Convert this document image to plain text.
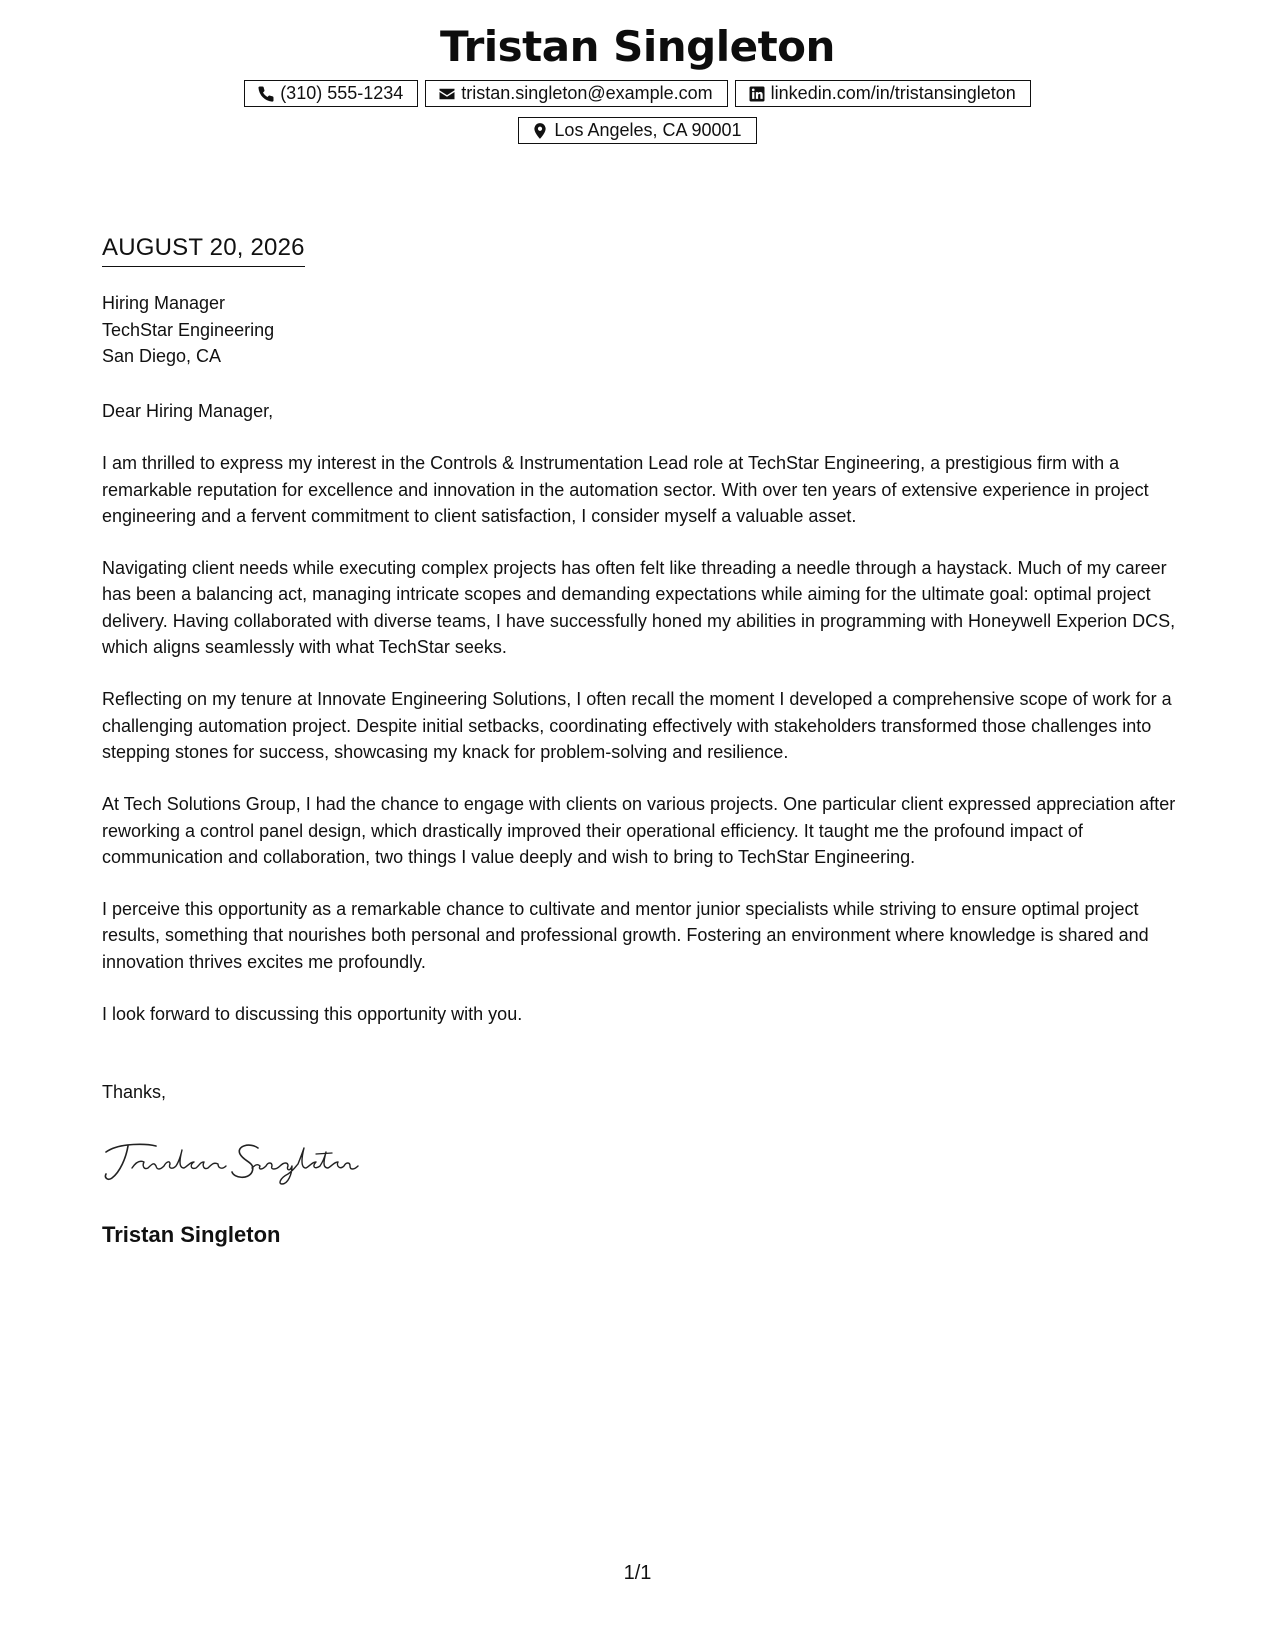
Tristan Singleton
(310) 555-1234	tristan.singleton@example.com	linkedin.com/in/tristansingleton
Los Angeles, CA 90001
AUGUST 20, 2026
Hiring Manager
TechStar Engineering
San Diego, CA

Dear Hiring Manager,

I am thrilled to express my interest in the Controls & Instrumentation Lead role at TechStar Engineering, a prestigious firm with a remarkable reputation for excellence and innovation in the automation sector. With over ten years of extensive experience in project engineering and a fervent commitment to client satisfaction, I consider myself a valuable asset.

Navigating client needs while executing complex projects has often felt like threading a needle through a haystack. Much of my career has been a balancing act, managing intricate scopes and demanding expectations while aiming for the ultimate goal: optimal project delivery. Having collaborated with diverse teams, I have successfully honed my abilities in programming with Honeywell Experion DCS, which aligns seamlessly with what TechStar seeks.

Reflecting on my tenure at Innovate Engineering Solutions, I often recall the moment I developed a comprehensive scope of work for a challenging automation project. Despite initial setbacks, coordinating effectively with stakeholders transformed those challenges into stepping stones for success, showcasing my knack for problem-solving and resilience.

At Tech Solutions Group, I had the chance to engage with clients on various projects. One particular client expressed appreciation after reworking a control panel design, which drastically improved their operational efficiency. It taught me the profound impact of communication and collaboration, two things I value deeply and wish to bring to TechStar Engineering.

I perceive this opportunity as a remarkable chance to cultivate and mentor junior specialists while striving to ensure optimal project results, something that nourishes both personal and professional growth. Fostering an environment where knowledge is shared and innovation thrives excites me profoundly.

I look forward to discussing this opportunity with you.

Thanks,
Tristan Singleton
1/1
